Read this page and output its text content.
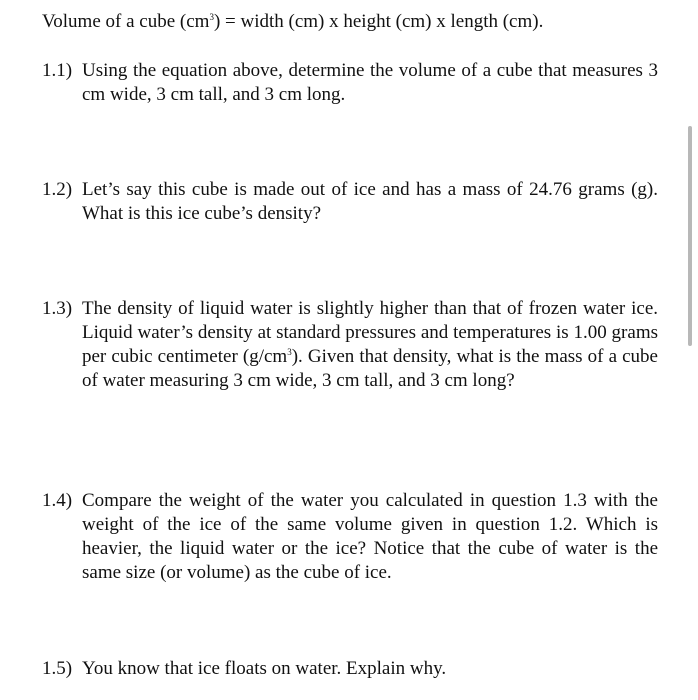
Volume of a cube $(cm^3)$ = width (cm) x height (cm) x length (cm).
1.1) Using the equation above, determine the volume of a cube that measures 3 cm wide, 3 cm tall, and 3 cm long.
1.2) Let’s say this cube is made out of ice and has a mass of 24.76 grams (g). What is this ice cube’s density?
1.3) The density of liquid water is slightly higher than that of frozen water ice. Liquid water’s density at standard pressures and temperatures is 1.00 grams per cubic centimeter $(g/cm^3)$. Given that density, what is the mass of a cube of water measuring 3 cm wide, 3 cm tall, and 3 cm long?
1.4) Compare the weight of the water you calculated in question 1.3 with the weight of the ice of the same volume given in question 1.2. Which is heavier, the liquid water or the ice? Notice that the cube of water is the same size (or volume) as the cube of ice.
1.5) You know that ice floats on water. Explain why.
